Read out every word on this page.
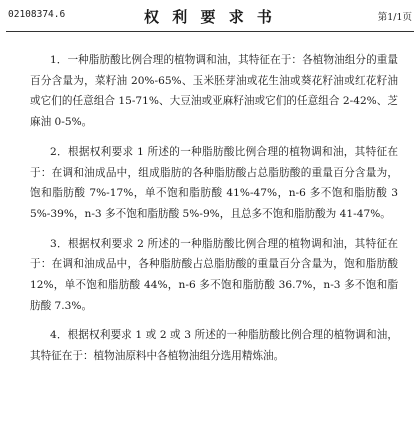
02108374.6	权 利 要 求 书	第1/1页

1．一种脂肪酸比例合理的植物调和油，其特征在于：各植物油组分的重量百分含量为，菜籽油 20%-65%、玉米胚芽油或花生油或葵花籽油或红花籽油或它们的任意组合 15-71%、大豆油或亚麻籽油或它们的任意组合 2-42%、芝麻油 0-5%。

2．根据权利要求 1 所述的一种脂肪酸比例合理的植物调和油，其特征在于：在调和油成品中，组成脂肪的各种脂肪酸占总脂肪酸的重量百分含量为，饱和脂肪酸 7%-17%，单不饱和脂肪酸 41%-47%，n-6 多不饱和脂肪酸 35%-39%，n-3 多不饱和脂肪酸 5%-9%，且总多不饱和脂肪酸为 41-47%。

3．根据权利要求 2 所述的一种脂肪酸比例合理的植物调和油，其特征在于：在调和油成品中，各种脂肪酸占总脂肪酸的重量百分含量为，饱和脂肪酸 12%，单不饱和脂肪酸 44%，n-6 多不饱和脂肪酸 36.7%，n-3 多不饱和脂肪酸 7.3%。

4．根据权利要求 1 或 2 或 3 所述的一种脂肪酸比例合理的植物调和油，其特征在于：植物油原料中各植物油组分选用精炼油。
